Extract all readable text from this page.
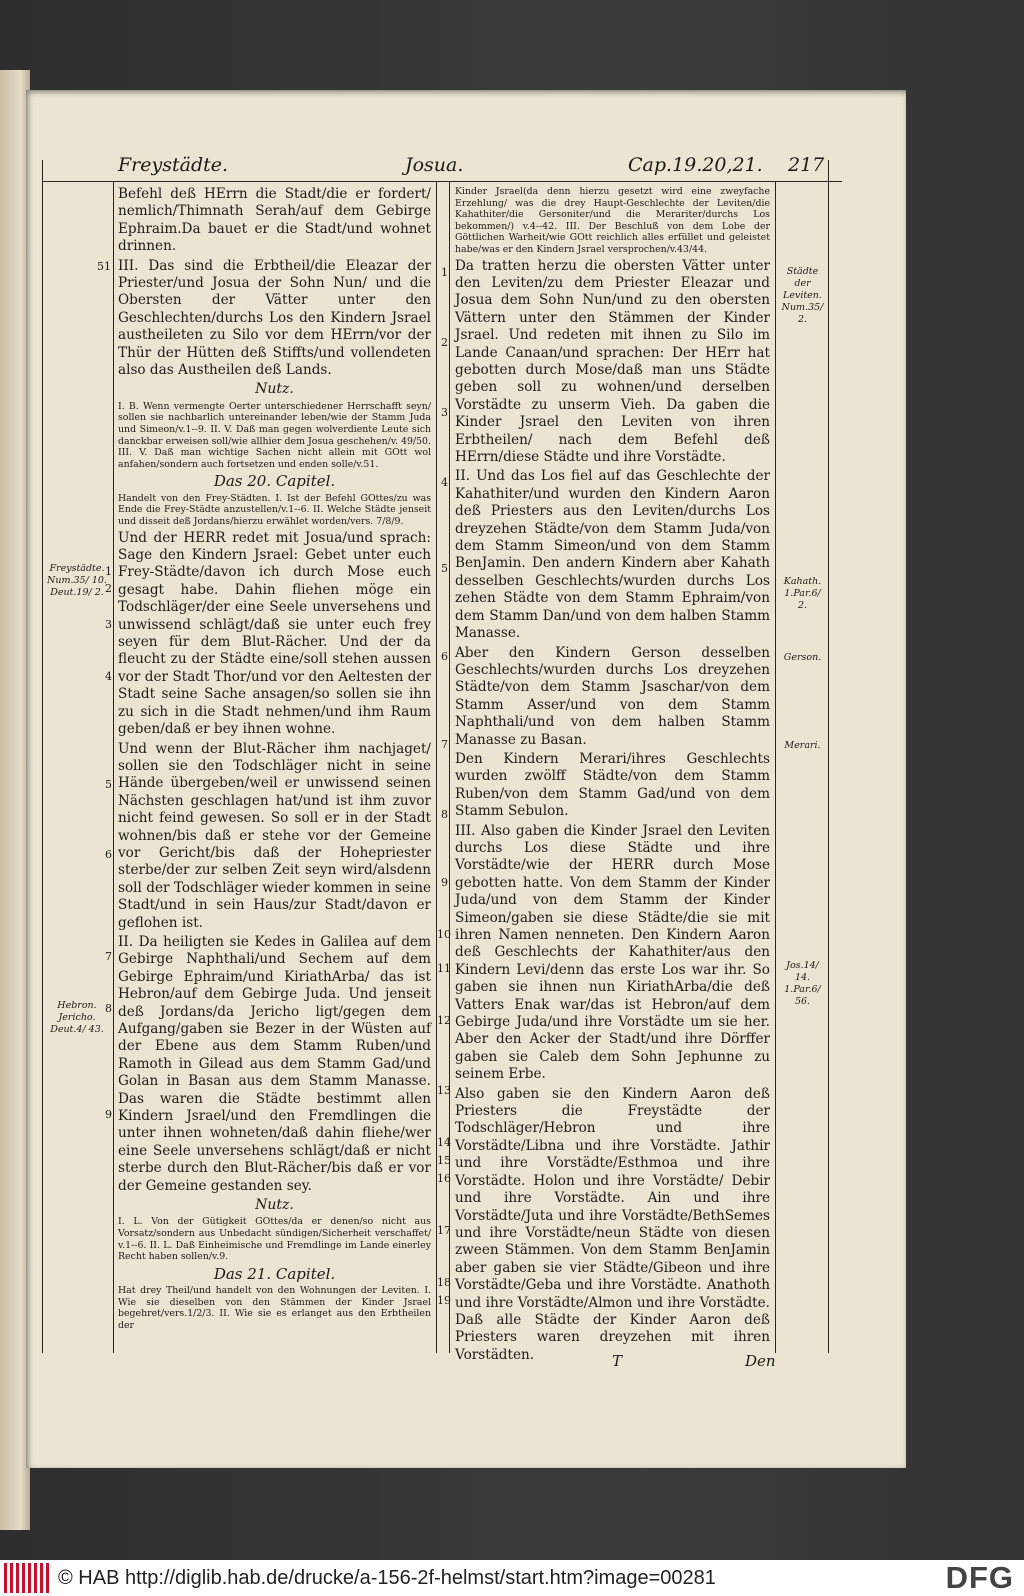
Freystädte.	Josua.	Cap.19.20,21. 217

Befehl deß HErrn die Stadt/die er fordert/ nemlich/Thimnath Serah/auf dem Gebirge Ephraim.Da bauet er die Stadt/und wohnet drinnen.

III. Das sind die Erbtheil/die Eleazar der Priester/und Josua der Sohn Nun/ und die Obersten der Vätter unter den Geschlechten/durchs Los den Kindern Jsrael austheileten zu Silo vor dem HErrn/vor der Thür der Hütten deß Stiffts/und vollendeten also das Austheilen deß Lands.

Nutz.

I. B. Wenn vermengte Oerter unterschiedener Herrschafft seyn/ sollen sie nachbarlich untereinander leben/wie der Stamm Juda und Simeon/v.1--9. II. V. Daß man gegen wolverdiente Leute sich danckbar erweisen soll/wie allhier dem Josua geschehen/v. 49/50. III. V. Daß man wichtige Sachen nicht allein mit GOtt wol anfahen/sondern auch fortsetzen und enden solle/v.51.

Das 20. Capitel.

Handelt von den Frey-Städten. I. Ist der Befehl GOttes/zu was Ende die Frey-Städte anzustellen/v.1--6. II. Welche Städte jenseit und disseit deß Jordans/hierzu erwählet worden/vers. 7/8/9.

Und der HERR redet mit Josua/und sprach: Sage den Kindern Jsrael: Gebet unter euch Frey-Städte/davon ich durch Mose euch gesagt habe. Dahin fliehen möge ein Todschläger/der eine Seele unversehens und unwissend schlägt/daß sie unter euch frey seyen für dem Blut-Rächer. Und der da fleucht zu der Städte eine/soll stehen aussen vor der Stadt Thor/und vor den Aeltesten der Stadt seine Sache ansagen/so sollen sie ihn zu sich in die Stadt nehmen/und ihm Raum geben/daß er bey ihnen wohne.

Und wenn der Blut-Rächer ihm nachjaget/ sollen sie den Todschläger nicht in seine Hände übergeben/weil er unwissend seinen Nächsten geschlagen hat/und ist ihm zuvor nicht feind gewesen. So soll er in der Stadt wohnen/bis daß er stehe vor der Gemeine vor Gericht/bis daß der Hohepriester sterbe/der zur selben Zeit seyn wird/alsdenn soll der Todschläger wieder kommen in seine Stadt/und in sein Haus/zur Stadt/davon er geflohen ist.

II. Da heiligten sie Kedes in Galilea auf dem Gebirge Naphthali/und Sechem auf dem Gebirge Ephraim/und KiriathArba/ das ist Hebron/auf dem Gebirge Juda. Und jenseit deß Jordans/da Jericho ligt/gegen dem Aufgang/gaben sie Bezer in der Wüsten auf der Ebene aus dem Stamm Ruben/und Ramoth in Gilead aus dem Stamm Gad/und Golan in Basan aus dem Stamm Manasse. Das waren die Städte bestimmt allen Kindern Jsrael/und den Fremdlingen die unter ihnen wohneten/daß dahin fliehe/wer eine Seele unversehens schlägt/daß er nicht sterbe durch den Blut-Rächer/bis daß er vor der Gemeine gestanden sey.

Nutz.

I. L. Von der Gütigkeit GOttes/da er denen/so nicht aus Vorsatz/sondern aus Unbedacht sündigen/Sicherheit verschaffet/ v.1--6. II. L. Daß Einheimische und Fremdlinge im Lande einerley Recht haben sollen/v.9.

Das 21. Capitel.

Hat drey Theil/und handelt von den Wohnungen der Leviten. I. Wie sie dieselben von den Stämmen der Kinder Jsrael begehret/vers.1/2/3. II. Wie sie es erlanget aus den Erbtheilen der

Kinder Jsrael(da denn hierzu gesetzt wird eine zweyfache Erzehlung/ was die drey Haupt-Geschlechte der Leviten/die Kahathiter/die Gersoniter/und die Merariter/durchs Los bekommen/) v.4--42. III. Der Beschluß von dem Lobe der Göttlichen Warheit/wie GOtt reichlich alles erfüllet und geleistet habe/was er den Kindern Jsrael versprochen/v.43/44.

Da tratten herzu die obersten Vätter unter den Leviten/zu dem Priester Eleazar und Josua dem Sohn Nun/und zu den obersten Vättern unter den Stämmen der Kinder Jsrael. Und redeten mit ihnen zu Silo im Lande Canaan/und sprachen: Der HErr hat gebotten durch Mose/daß man uns Städte geben soll zu wohnen/und derselben Vorstädte zu unserm Vieh. Da gaben die Kinder Jsrael den Leviten von ihren Erbtheilen/ nach dem Befehl deß HErrn/diese Städte und ihre Vorstädte.

II. Und das Los fiel auf das Geschlechte der Kahathiter/und wurden den Kindern Aaron deß Priesters aus den Leviten/durchs Los dreyzehen Städte/von dem Stamm Juda/von dem Stamm Simeon/und von dem Stamm BenJamin. Den andern Kindern aber Kahath desselben Geschlechts/wurden durchs Los zehen Städte von dem Stamm Ephraim/von dem Stamm Dan/und von dem halben Stamm Manasse.

Aber den Kindern Gerson desselben Geschlechts/wurden durchs Los dreyzehen Städte/von dem Stamm Jsaschar/von dem Stamm Asser/und von dem Stamm Naphthali/und von dem halben Stamm Manasse zu Basan.

Den Kindern Merari/ihres Geschlechts wurden zwölff Städte/von dem Stamm Ruben/von dem Stamm Gad/und von dem Stamm Sebulon.

III. Also gaben die Kinder Jsrael den Leviten durchs Los diese Städte und ihre Vorstädte/wie der HERR durch Mose gebotten hatte. Von dem Stamm der Kinder Juda/und von dem Stamm der Kinder Simeon/gaben sie diese Städte/die sie mit ihren Namen nenneten. Den Kindern Aaron deß Geschlechts der Kahathiter/aus den Kindern Levi/denn das erste Los war ihr. So gaben sie ihnen nun KiriathArba/die deß Vatters Enak war/das ist Hebron/auf dem Gebirge Juda/und ihre Vorstädte um sie her. Aber den Acker der Stadt/und ihre Dörffer gaben sie Caleb dem Sohn Jephunne zu seinem Erbe.

Also gaben sie den Kindern Aaron deß Priesters die Freystädte der Todschläger/Hebron und ihre Vorstädte/Libna und ihre Vorstädte. Jathir und ihre Vorstädte/Esthmoa und ihre Vorstädte. Holon und ihre Vorstädte/ Debir und ihre Vorstädte. Ain und ihre Vorstädte/Juta und ihre Vorstädte/BethSemes und ihre Vorstädte/neun Städte von diesen zween Stämmen. Von dem Stamm BenJamin aber gaben sie vier Städte/Gibeon und ihre Vorstädte/Geba und ihre Vorstädte. Anathoth und ihre Vorstädte/Almon und ihre Vorstädte. Daß alle Städte der Kinder Aaron deß Priesters waren dreyzehen mit ihren Vorstädten.

Freystädte. Num.35/ 10. Deut.19/ 2.
Hebron. Jericho. Deut.4/ 43.
Städte der Leviten. Num.35/ 2.
Kahath. 1.Par.6/ 2.
Gerson.
Merari.
Jos.14/ 14. 1.Par.6/ 56.
51
1
2
3
4
5
6
7
8
9
1
2
3
4
5
6
7
8
9
10
11
12
13
14
15
16
17
18
19
T	Den
© HAB http://diglib.hab.de/drucke/a-156-2f-helmst/start.htm?image=00281	DFG
